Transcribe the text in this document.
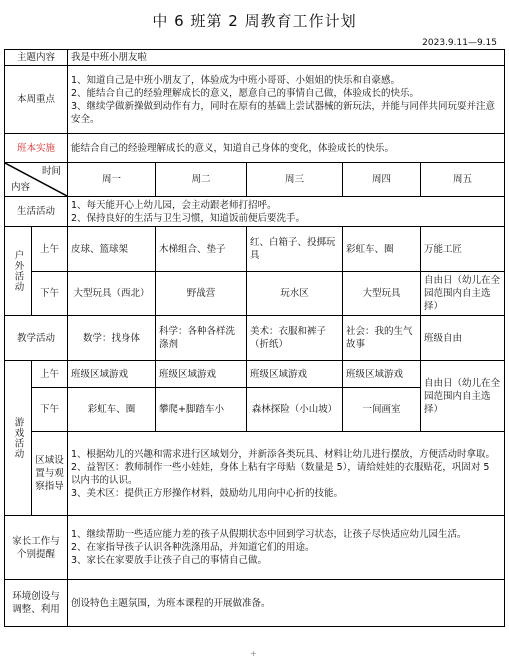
中 6 班第 2 周教育工作计划
2023.9.11—9.15
主题内容		我是中班小朋友啦				
本周重点		1、知道自己是中班小朋友了，体验成为中班小哥哥、小姐姐的快乐和自豪感。
2、能结合自己的经验理解成长的意义，愿意自己的事情自己做，体验成长的快乐。
3、继续学做新操做到动作有力，同时在原有的基础上尝试器械的新玩法，并能与同伴共同玩耍并注意安全。				

班本实施		能结合自己的经验理解成长的意义，知道自己身体的变化，体验成长的快乐。				

时间
内容		周一	周二	周三	周四	周五
生活活动		1、每天能开心上幼儿园，会主动跟老师打招呼。
2、保持良好的生活与卫生习惯，知道饭前便后要洗手。				

户外活动	上午	皮球、篮球架	木梯组合、垫子	红、白箱子、投掷玩具	彩虹车、圈	万能工匠
	下午	大型玩具（西北）	野战营	玩水区	大型玩具	自由日（幼儿在全园范围内自主选择）
教学活动		数学：找身体	科学：各种各样洗涤剂	美术：衣服和裤子（折纸）	社会：我的生气故事	班级自由

游戏活动	上午	班级区域游戏	班级区域游戏	班级区域游戏	班级区域游戏	自由日（幼儿在全园范围内自主选择）
	下午	彩虹车、圈	攀爬+脚踏车小	森林探险（小山坡）	一间画室	
	区域设置与观察指导	1、根据幼儿的兴趣和需求进行区域划分，并新添各类玩具、材料让幼儿进行摆放，方便活动时拿取。
2、益智区：教师制作一些小娃娃，身体上粘有字母贴（数量是 5），请给娃娃的衣服贴花，巩固对 5 以内书的认识。
3、美术区：提供正方形操作材料，鼓励幼儿用向中心折的技能。				

家长工作与个别提醒		1、继续帮助一些适应能力差的孩子从假期状态中回到学习状态，让孩子尽快适应幼儿园生活。
2、在家指导孩子认识各种洗涤用品，并知道它们的用途。
3、家长在家要放手让孩子自己的事情自己做。				

环境创设与调整、利用		创设特色主题氛围，为班本课程的开展做准备。				
+
